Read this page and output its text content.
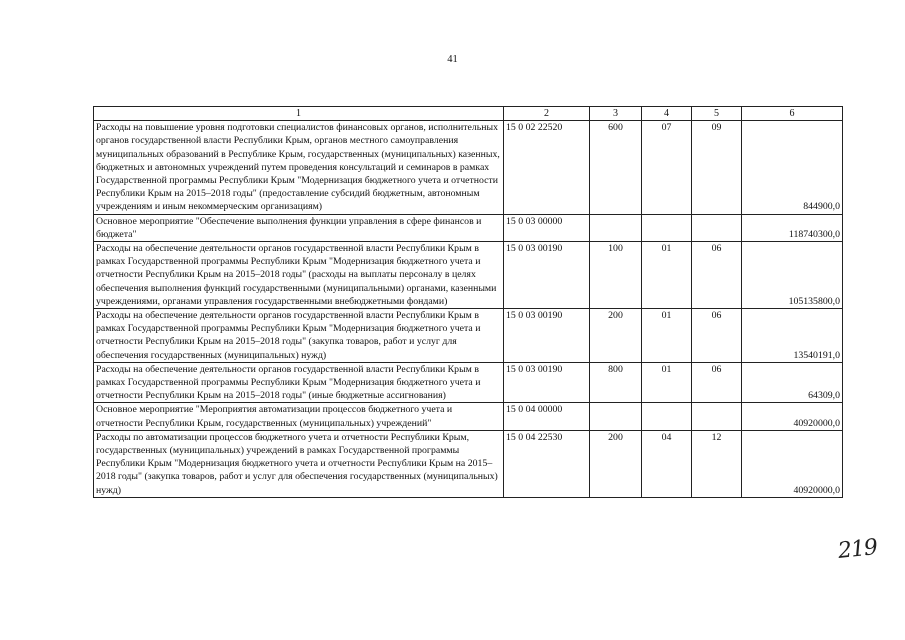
41
1	2	3	4	5	6
Расходы на повышение уровня подготовки специалистов финансовых органов, исполнительных органов государственной власти Республики Крым, органов местного самоуправления муниципальных образований в Республике Крым, государственных (муниципальных) казенных, бюджетных и автономных учреждений путем проведения консультаций и семинаров в рамках Государственной программы Республики Крым "Модернизация бюджетного учета и отчетности Республики Крым на 2015–2018 годы" (предоставление субсидий бюджетным, автономным учреждениям и иным некоммерческим организациям)	15 0 02 22520	600	07	09	844900,0
Основное мероприятие "Обеспечение выполнения функции управления в сфере финансов и бюджета"	15 0 03 00000				118740300,0
Расходы на обеспечение деятельности органов государственной власти Республики Крым в рамках Государственной программы Республики Крым "Модернизация бюджетного учета и отчетности Республики Крым на 2015–2018 годы" (расходы на выплаты персоналу в целях обеспечения выполнения функций государственными (муниципальными) органами, казенными учреждениями, органами управления государственными внебюджетными фондами)	15 0 03 00190	100	01	06	105135800,0
Расходы на обеспечение деятельности органов государственной власти Республики Крым в рамках Государственной программы Республики Крым "Модернизация бюджетного учета и отчетности Республики Крым на 2015–2018 годы" (закупка товаров, работ и услуг для обеспечения государственных (муниципальных) нужд)	15 0 03 00190	200	01	06	13540191,0
Расходы на обеспечение деятельности органов государственной власти Республики Крым в рамках Государственной программы Республики Крым "Модернизация бюджетного учета и отчетности Республики Крым на 2015–2018 годы" (иные бюджетные ассигнования)	15 0 03 00190	800	01	06	64309,0
Основное мероприятие "Мероприятия автоматизации процессов бюджетного учета и отчетности Республики Крым, государственных (муниципальных) учреждений"	15 0 04 00000				40920000,0
Расходы по автоматизации процессов бюджетного учета и отчетности Республики Крым, государственных (муниципальных) учреждений в рамках Государственной программы Республики Крым "Модернизация бюджетного учета и отчетности Республики Крым на 2015–2018 годы" (закупка товаров, работ и услуг для обеспечения государственных (муниципальных) нужд)	15 0 04 22530	200	04	12	40920000,0
219
